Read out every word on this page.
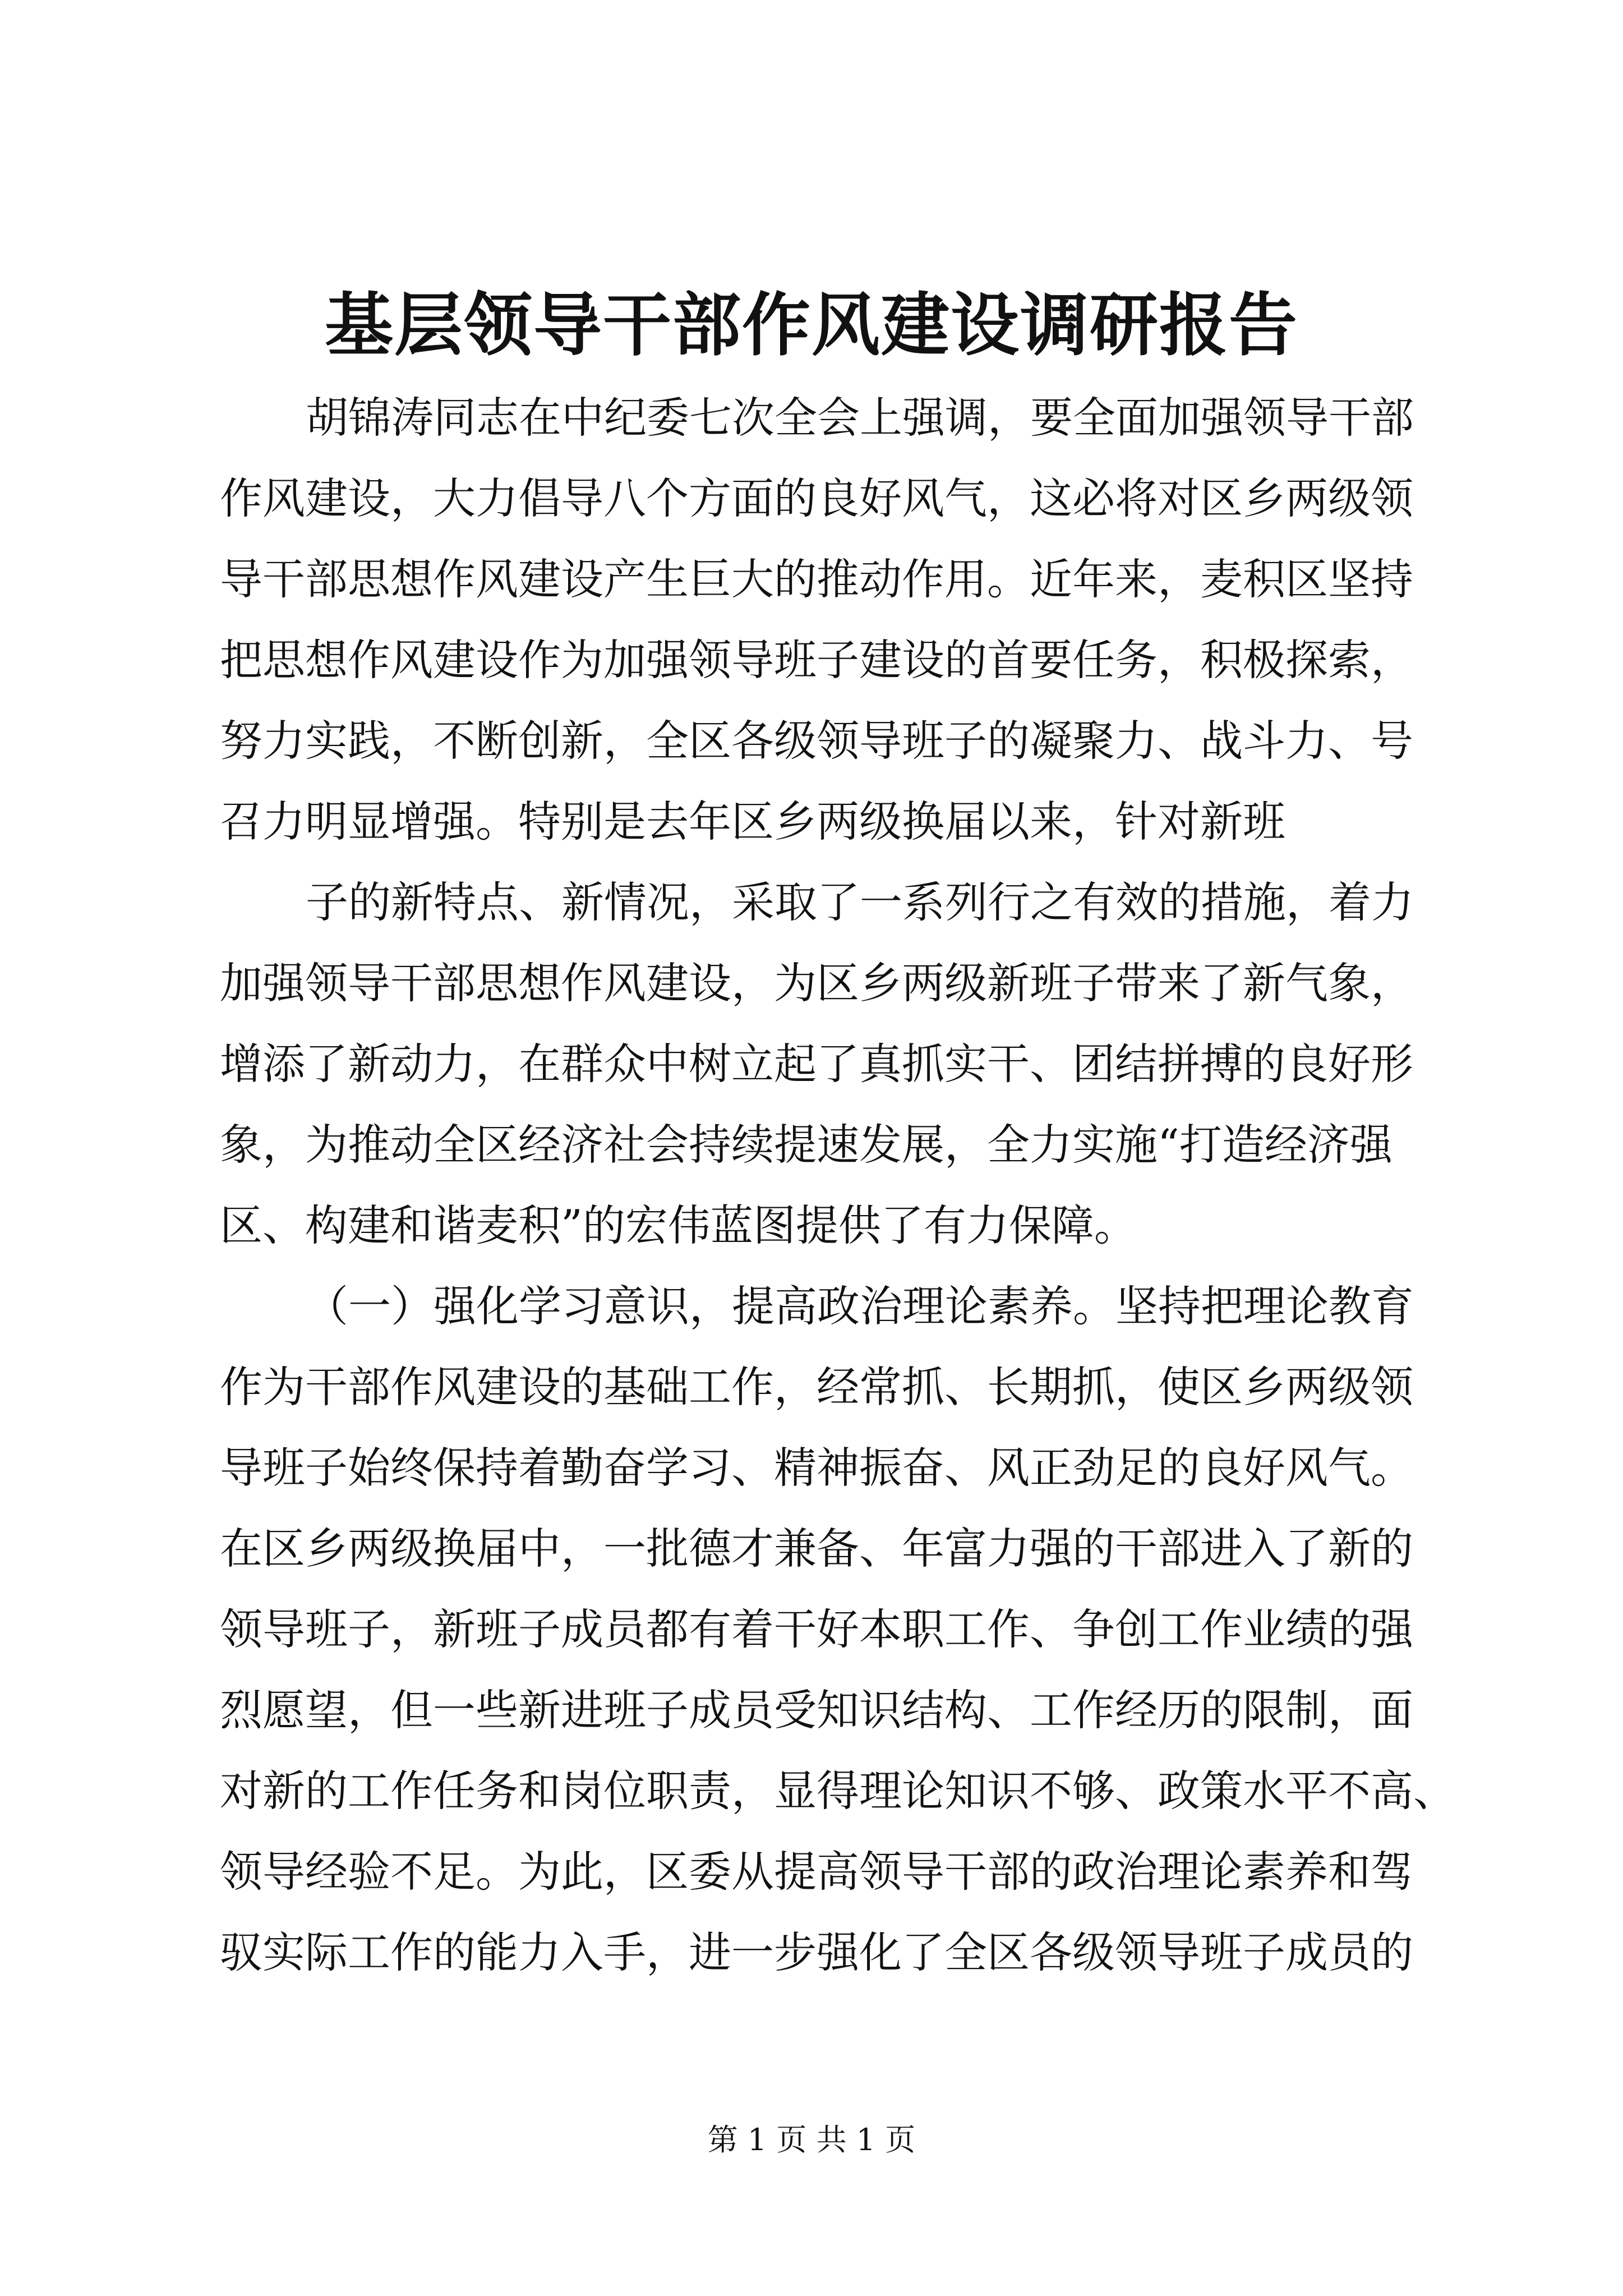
基层领导干部作风建设调研报告
胡锦涛同志在中纪委七次全会上强调，要全面加强领导干部
作风建设，大力倡导八个方面的良好风气，这必将对区乡两级领
导干部思想作风建设产生巨大的推动作用。近年来，麦积区坚持
把思想作风建设作为加强领导班子建设的首要任务，积极探索，
努力实践，不断创新，全区各级领导班子的凝聚力、战斗力、号
召力明显增强。特别是去年区乡两级换届以来，针对新班
子的新特点、新情况，采取了一系列行之有效的措施，着力
加强领导干部思想作风建设，为区乡两级新班子带来了新气象，
增添了新动力，在群众中树立起了真抓实干、团结拼搏的良好形
象，为推动全区经济社会持续提速发展，全力实施“打造经济强
区、构建和谐麦积”的宏伟蓝图提供了有力保障。
（一）强化学习意识，提高政治理论素养。坚持把理论教育
作为干部作风建设的基础工作，经常抓、长期抓，使区乡两级领
导班子始终保持着勤奋学习、精神振奋、风正劲足的良好风气。
在区乡两级换届中，一批德才兼备、年富力强的干部进入了新的
领导班子，新班子成员都有着干好本职工作、争创工作业绩的强
烈愿望，但一些新进班子成员受知识结构、工作经历的限制，面
对新的工作任务和岗位职责，显得理论知识不够、政策水平不高、
领导经验不足。为此，区委从提高领导干部的政治理论素养和驾
驭实际工作的能力入手，进一步强化了全区各级领导班子成员的
第 1 页 共 1 页
